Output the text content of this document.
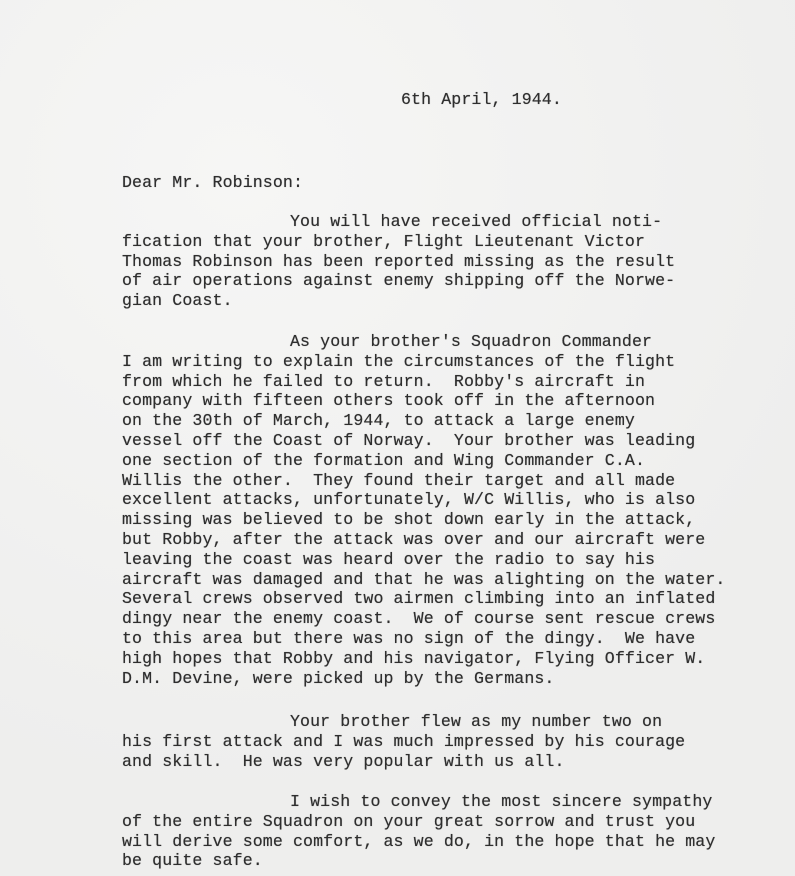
6th April, 1944.
Dear Mr. Robinson:
You will have received official noti-
fication that your brother, Flight Lieutenant Victor
Thomas Robinson has been reported missing as the result
of air operations against enemy shipping off the Norwe-
gian Coast.
As your brother's Squadron Commander
I am writing to explain the circumstances of the flight
from which he failed to return.  Robby's aircraft in
company with fifteen others took off in the afternoon
on the 30th of March, 1944, to attack a large enemy
vessel off the Coast of Norway.  Your brother was leading
one section of the formation and Wing Commander C.A.
Willis the other.  They found their target and all made
excellent attacks, unfortunately, W/C Willis, who is also
missing was believed to be shot down early in the attack,
but Robby, after the attack was over and our aircraft were
leaving the coast was heard over the radio to say his
aircraft was damaged and that he was alighting on the water.
Several crews observed two airmen climbing into an inflated
dingy near the enemy coast.  We of course sent rescue crews
to this area but there was no sign of the dingy.  We have
high hopes that Robby and his navigator, Flying Officer W.
D.M. Devine, were picked up by the Germans.
Your brother flew as my number two on
his first attack and I was much impressed by his courage
and skill.  He was very popular with us all.
I wish to convey the most sincere sympathy
of the entire Squadron on your great sorrow and trust you
will derive some comfort, as we do, in the hope that he may
be quite safe.
